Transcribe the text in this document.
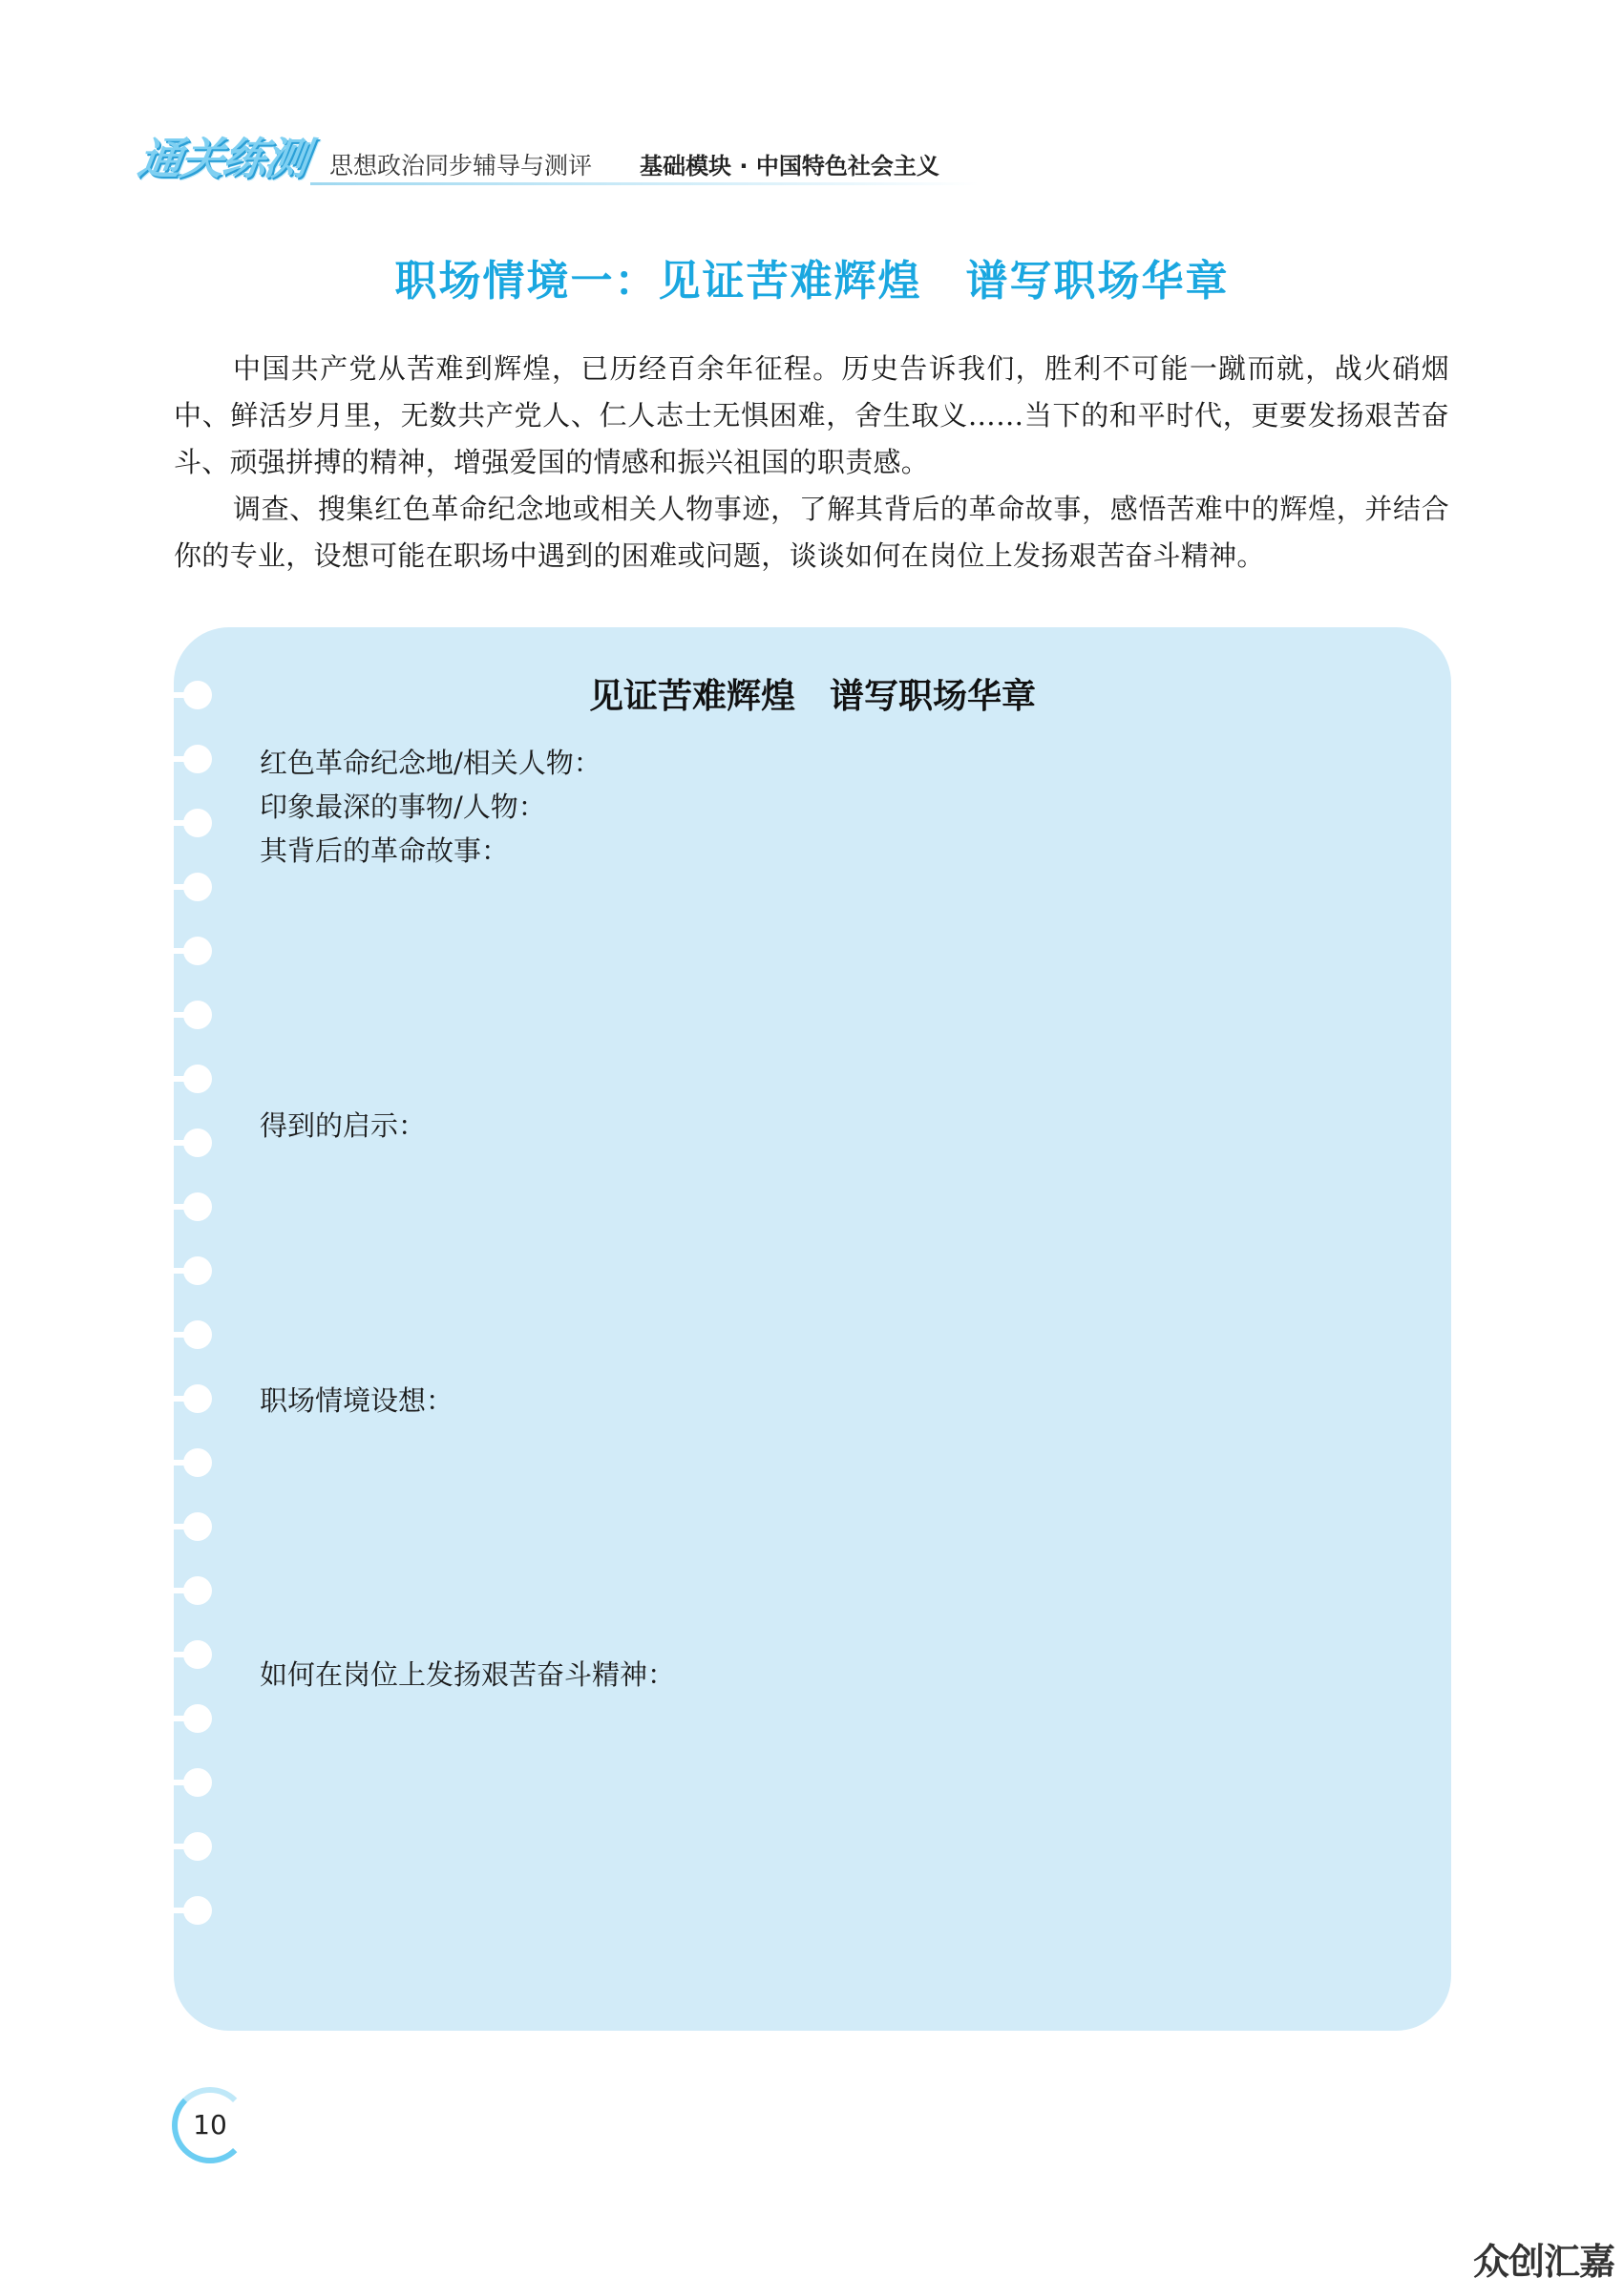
通关练测 思想政治同步辅导与测评 基础模块 · 中国特色社会主义
职场情境一：见证苦难辉煌　谱写职场华章

中国共产党从苦难到辉煌，已历经百余年征程。历史告诉我们，胜利不可能一蹴而就，战火硝烟中、鲜活岁月里，无数共产党人、仁人志士无惧困难，舍生取义……当下的和平时代，更要发扬艰苦奋斗、顽强拼搏的精神，增强爱国的情感和振兴祖国的职责感。

调查、搜集红色革命纪念地或相关人物事迹，了解其背后的革命故事，感悟苦难中的辉煌，并结合你的专业，设想可能在职场中遇到的困难或问题，谈谈如何在岗位上发扬艰苦奋斗精神。

见证苦难辉煌　谱写职场华章
红色革命纪念地/相关人物：
印象最深的事物/人物：
其背后的革命故事：
得到的启示：
职场情境设想：
如何在岗位上发扬艰苦奋斗精神：
10
众创汇嘉
